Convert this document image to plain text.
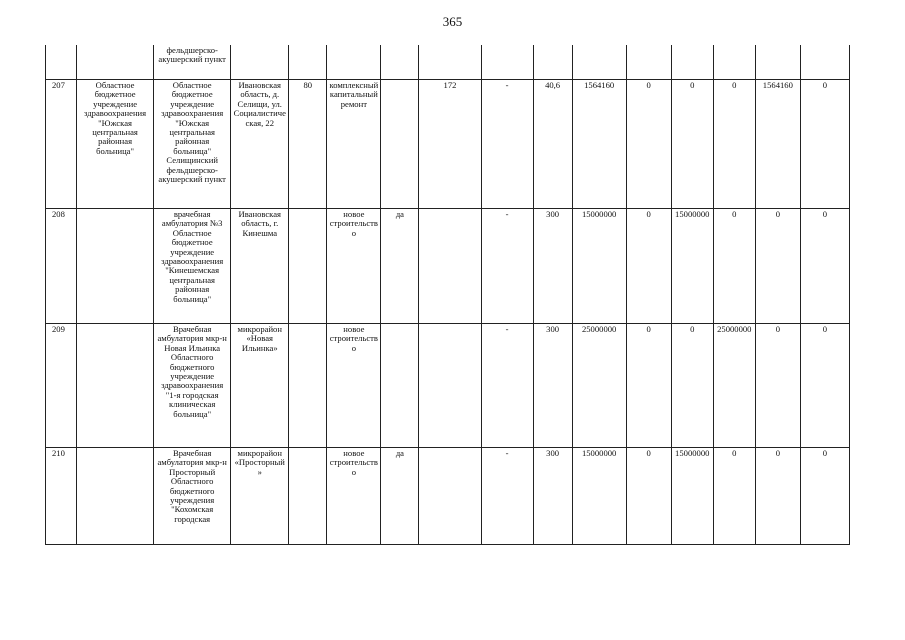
365
		фельдшерско-акушерский пункт													
207	Областное бюджетное учреждение здравоохранения "Южская центральная районная больница"	Областное бюджетное учреждение здравоохранения "Южская центральная районная больница" Селищинский фельдшерско-акушерский пункт	Ивановская область, д. Селищи, ул. Социалистическая, 22	80	комплексный капитальный ремонт		172	-	40,6	1564160	0	0	0	1564160	0
208		врачебная амбулатория №3 Областное бюджетное учреждение здравоохранения "Кинешемская центральная районная больница"	Ивановская область, г. Кинешма		новое строительство	да		-	300	15000000	0	15000000	0	0	0
209		Врачебная амбулатория мкр-н Новая Ильинка Областного бюджетного учреждение здравоохранения "1-я городская клиническая больница"	микрорайон «Новая Ильинка»		новое строительство			-	300	25000000	0	0	25000000	0	0
210		Врачебная амбулатория мкр-н Просторный Областного бюджетного учреждения "Кохомская городская	микрорайон «Просторный»		новое строительство	да		-	300	15000000	0	15000000	0	0	0
